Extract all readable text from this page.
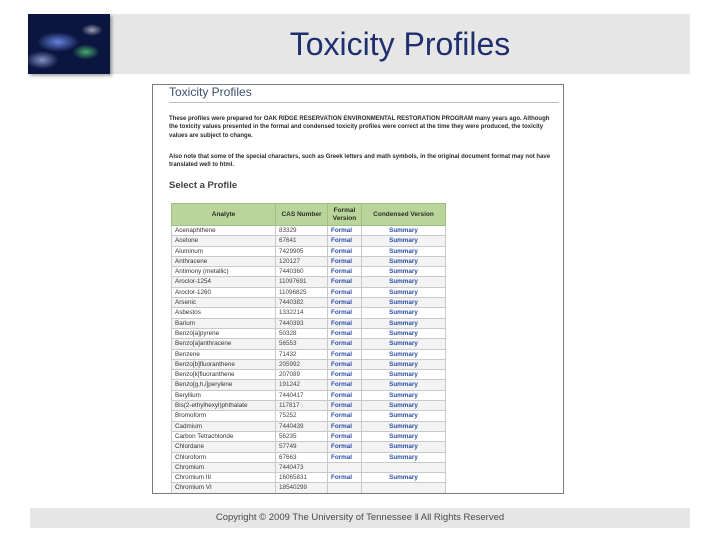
Toxicity Profiles
Toxicity Profiles

These profiles were prepared for OAK RIDGE RESERVATION ENVIRONMENTAL RESTORATION PROGRAM many years ago. Although the toxicity values presented in the formal and condensed toxicity profiles were correct at the time they were produced, the toxicity values are subject to change.

Also note that some of the special characters, such as Greek letters and math symbols, in the original document format may not have translated well to html.

Select a Profile
Analyte	CAS Number	Formal Version	Condensed Version
Acenaphthene	83329	Formal	Summary
Acetone	67641	Formal	Summary
Aluminum	7429905	Formal	Summary
Anthracene	120127	Formal	Summary
Antimony (metallic)	7440360	Formal	Summary
Aroclor-1254	11097691	Formal	Summary
Aroclor-1260	11096825	Formal	Summary
Arsenic	7440382	Formal	Summary
Asbestos	1332214	Formal	Summary
Barium	7440393	Formal	Summary
Benzo[a]pyrene	50328	Formal	Summary
Benzo[a]anthracene	56553	Formal	Summary
Benzene	71432	Formal	Summary
Benzo[b]fluoranthene	205992	Formal	Summary
Benzo[k]fluoranthene	207089	Formal	Summary
Benzo[g,h,i]perylene	191242	Formal	Summary
Beryllium	7440417	Formal	Summary
Bis(2-ethylhexyl)phthalate	117817	Formal	Summary
Bromoform	75252	Formal	Summary
Cadmium	7440439	Formal	Summary
Carbon Tetrachloride	56235	Formal	Summary
Chlordane	57749	Formal	Summary
Chloroform	67663	Formal	Summary
Chromium	7440473		
Chromium III	16065831	Formal	Summary
Chromium VI	18540299		

Copyright © 2009 The University of Tennessee ǁ All Rights Reserved
